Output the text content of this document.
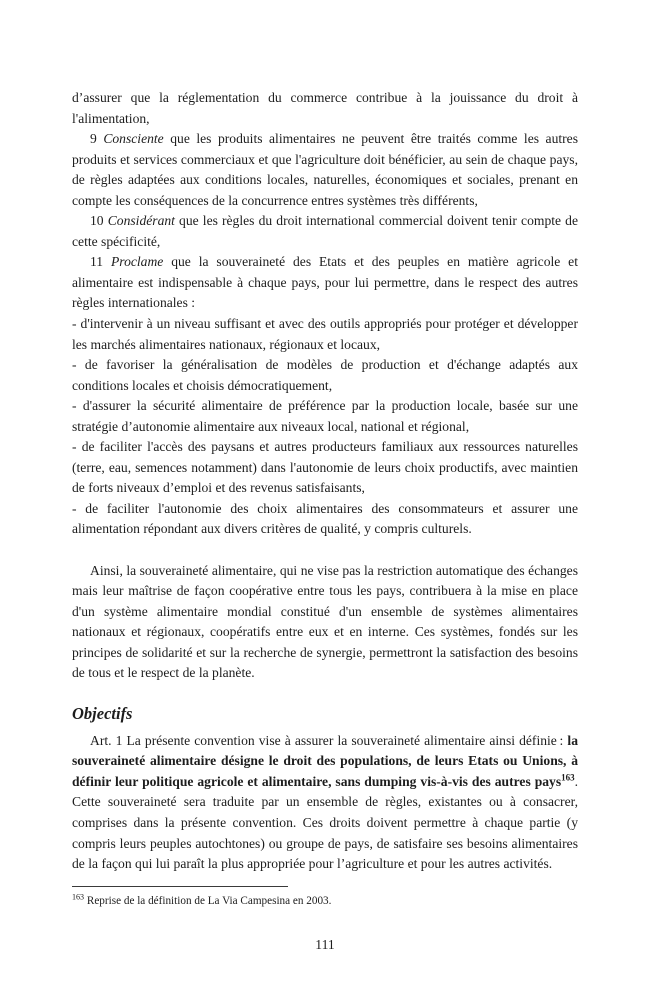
d’assurer que la réglementation du commerce contribue à la jouissance du droit à l'alimentation,

9 Consciente que les produits alimentaires ne peuvent être traités comme les autres produits et services commerciaux et que l'agriculture doit bénéficier, au sein de chaque pays, de règles adaptées aux conditions locales, naturelles, économiques et sociales, prenant en compte les conséquences de la concurrence entres systèmes très différents,

10 Considérant que les règles du droit international commercial doivent tenir compte de cette spécificité,

11 Proclame que la souveraineté des Etats et des peuples en matière agricole et alimentaire est indispensable à chaque pays, pour lui permettre, dans le respect des autres règles internationales :

- d'intervenir à un niveau suffisant et avec des outils appropriés pour protéger et développer les marchés alimentaires nationaux, régionaux et locaux,

- de favoriser la généralisation de modèles de production et d'échange adaptés aux conditions locales et choisis démocratiquement,

- d'assurer la sécurité alimentaire de préférence par la production locale, basée sur une stratégie d’autonomie alimentaire aux niveaux local, national et régional,

- de faciliter l'accès des paysans et autres producteurs familiaux aux ressources naturelles (terre, eau, semences notamment) dans l'autonomie de leurs choix productifs, avec maintien de forts niveaux d’emploi et des revenus satisfaisants,

- de faciliter l'autonomie des choix alimentaires des consommateurs et assurer une alimentation répondant aux divers critères de qualité, y compris culturels.

Ainsi, la souveraineté alimentaire, qui ne vise pas la restriction automatique des échanges mais leur maîtrise de façon coopérative entre tous les pays, contribuera à la mise en place d'un système alimentaire mondial constitué d'un ensemble de systèmes alimentaires nationaux et régionaux, coopératifs entre eux et en interne. Ces systèmes, fondés sur les principes de solidarité et sur la recherche de synergie, permettront la satisfaction des besoins de tous et le respect de la planète.

Objectifs

Art. 1 La présente convention vise à assurer la souveraineté alimentaire ainsi définie : la souveraineté alimentaire désigne le droit des populations, de leurs Etats ou Unions, à définir leur politique agricole et alimentaire, sans dumping vis-à-vis des autres pays$^{163}$. Cette souveraineté sera traduite par un ensemble de règles, existantes ou à consacrer, comprises dans la présente convention. Ces droits doivent permettre à chaque partie (y compris leurs peuples autochtones) ou groupe de pays, de satisfaire ses besoins alimentaires de la façon qui lui paraît la plus appropriée pour l’agriculture et pour les autres activités.

$^{163}$ Reprise de la définition de La Via Campesina en 2003.

111
